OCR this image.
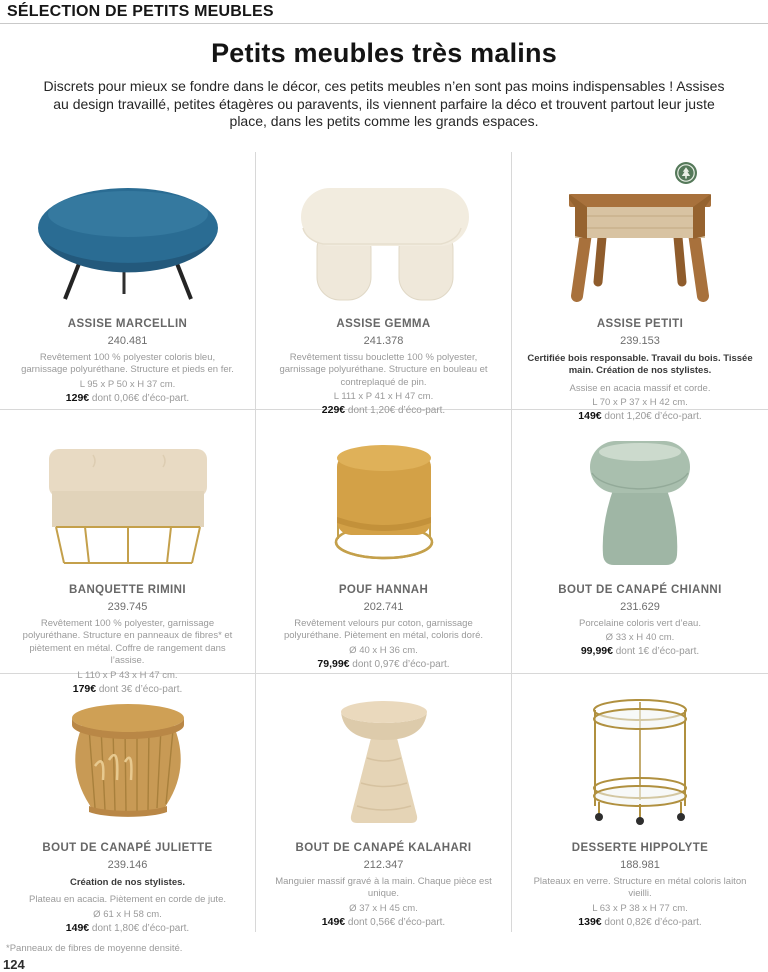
SÉLECTION DE PETITS MEUBLES
Petits meubles très malins

Discrets pour mieux se fondre dans le décor, ces petits meubles n’en sont pas moins indispensables ! Assises au design travaillé, petites étagères ou paravents, ils viennent parfaire la déco et trouvent partout leur juste place, dans les petits comme les grands espaces.

ASSISE MARCELLIN
240.481
Revêtement 100 % polyester coloris bleu, garnissage polyuréthane. Structure et pieds en fer.
L 95 x P 50 x H 37 cm.
129€ dont 0,06€ d’éco-part.
ASSISE GEMMA
241.378
Revêtement tissu bouclette 100 % polyester, garnissage polyuréthane. Structure en bouleau et contreplaqué de pin.
L 111 x P 41 x H 47 cm.
229€ dont 1,20€ d’éco-part.
ASSISE PETITI
239.153
Certifiée bois responsable. Travail du bois. Tissée main. Création de nos stylistes.
Assise en acacia massif et corde.
L 70 x P 37 x H 42 cm.
149€ dont 1,20€ d’éco-part.
BANQUETTE RIMINI
239.745
Revêtement 100 % polyester, garnissage polyuréthane. Structure en panneaux de fibres* et piètement en métal. Coffre de rangement dans l’assise.
L 110 x P 43 x H 47 cm.
179€ dont 3€ d’éco-part.
POUF HANNAH
202.741
Revêtement velours pur coton, garnissage polyuréthane. Piètement en métal, coloris doré.
Ø 40 x H 36 cm.
79,99€ dont 0,97€ d’éco-part.
BOUT DE CANAPÉ CHIANNI
231.629
Porcelaine coloris vert d’eau.
Ø 33 x H 40 cm.
99,99€ dont 1€ d’éco-part.
BOUT DE CANAPÉ JULIETTE
239.146
Création de nos stylistes.
Plateau en acacia. Piètement en corde de jute.
Ø 61 x H 58 cm.
149€ dont 1,80€ d’éco-part.
BOUT DE CANAPÉ KALAHARI
212.347
Manguier massif gravé à la main. Chaque pièce est unique.
Ø 37 x H 45 cm.
149€ dont 0,56€ d’éco-part.
DESSERTE HIPPOLYTE
188.981
Plateaux en verre. Structure en métal coloris laiton vieilli.
L 63 x P 38 x H 77 cm.
139€ dont 0,82€ d’éco-part.
*Panneaux de fibres de moyenne densité.
124
